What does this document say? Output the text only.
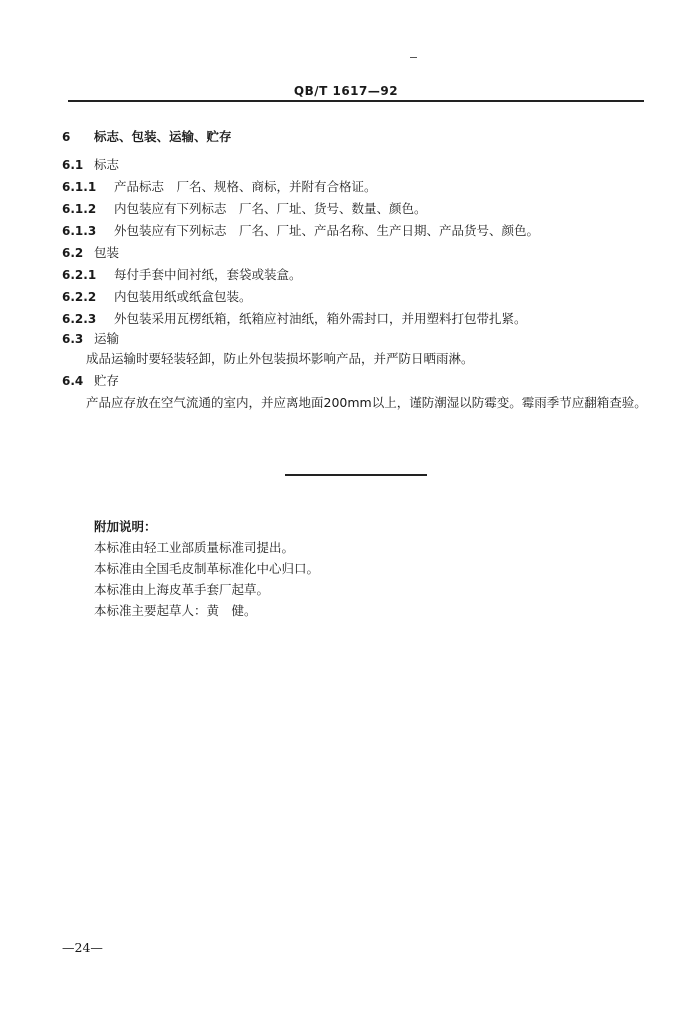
QB/T 1617—92
6 标志、包装、运输、贮存
6.1 标志
6.1.1 产品标志　厂名、规格、商标，并附有合格证。
6.1.2 内包装应有下列标志　厂名、厂址、货号、数量、颜色。
6.1.3 外包装应有下列标志　厂名、厂址、产品名称、生产日期、产品货号、颜色。
6.2 包装
6.2.1 每付手套中间衬纸，套袋或装盒。
6.2.2 内包装用纸或纸盒包装。
6.2.3 外包装采用瓦楞纸箱，纸箱应衬油纸，箱外需封口，并用塑料打包带扎紧。
6.3 运输
成品运输时要轻装轻卸，防止外包装损坏影响产品，并严防日晒雨淋。
6.4 贮存
产品应存放在空气流通的室内，并应离地面200mm以上，谨防潮湿以防霉变。霉雨季节应翻箱查验。
附加说明：
本标准由轻工业部质量标准司提出。
本标准由全国毛皮制革标准化中心归口。
本标准由上海皮革手套厂起草。
本标准主要起草人：黄　健。
—24—
